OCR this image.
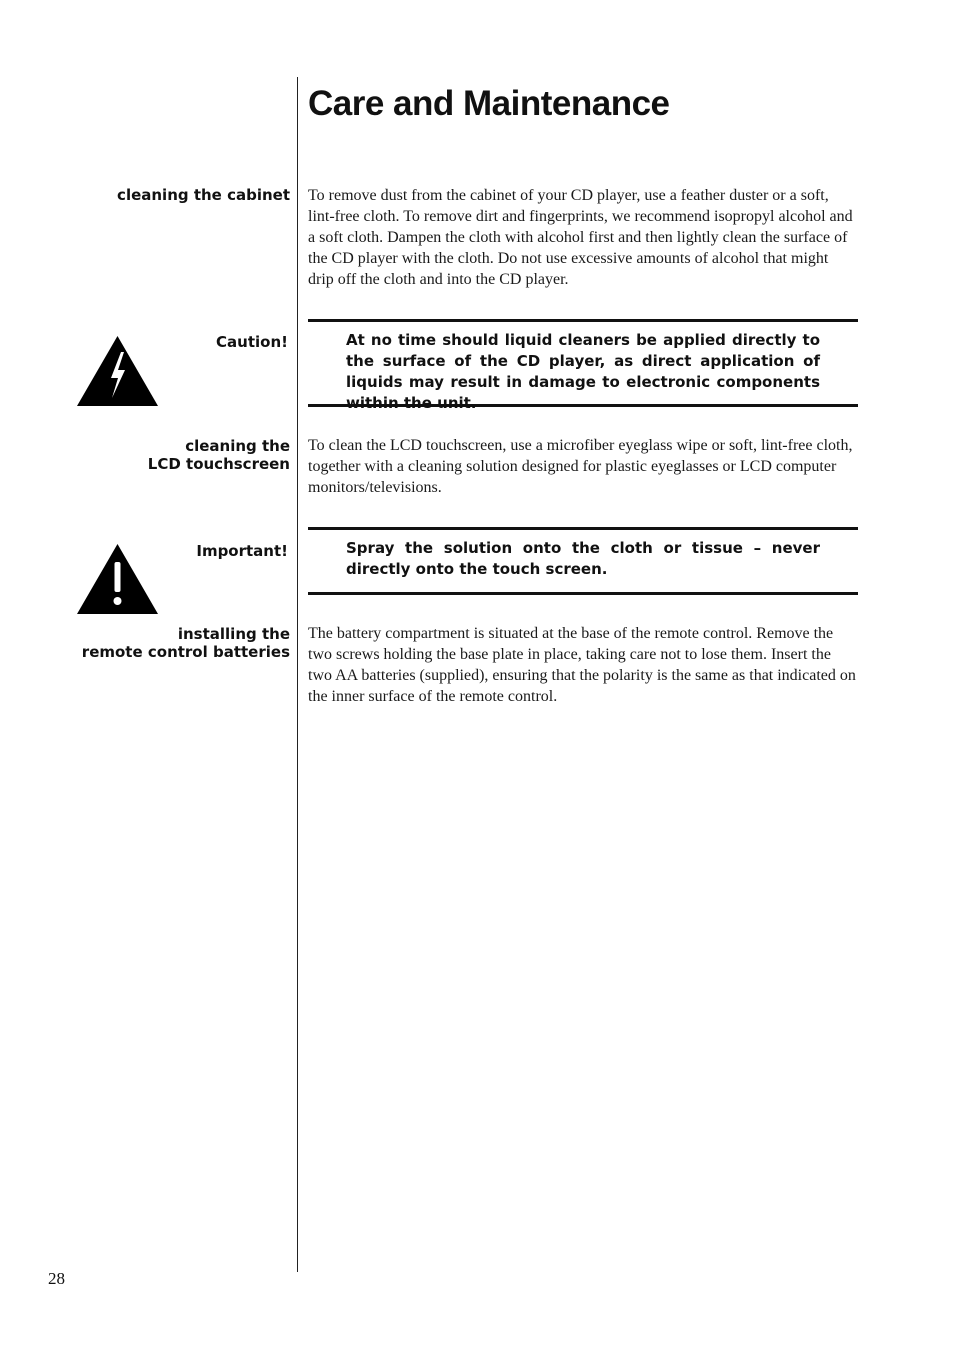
Care and Maintenance
cleaning the cabinet To remove dust from the cabinet of your CD player, use a feather duster or a soft, lint-free cloth. To remove dirt and fingerprints, we recommend isopropyl alcohol and a soft cloth. Dampen the cloth with alcohol first and then lightly clean the surface of the CD player with the cloth. Do not use excessive amounts of alcohol that might drip off the cloth and into the CD player.

Caution!	At no time should liquid cleaners be applied directly to the surface of the CD player, as direct application of liquids may result in damage to electronic components within the unit.

cleaning the
LCD touchscreen

To clean the LCD touchscreen, use a microfiber eyeglass wipe or soft, lint-free cloth, together with a cleaning solution designed for plastic eyeglasses or LCD computer monitors/televisions.

Important!	Spray the solution onto the cloth or tissue – never directly onto the touch screen.

installing the
remote control batteries

The battery compartment is situated at the base of the remote control. Remove the two screws holding the base plate in place, taking care not to lose them. Insert the two AA batteries (supplied), ensuring that the polarity is the same as that indicated on the inner surface of the remote control.

28
